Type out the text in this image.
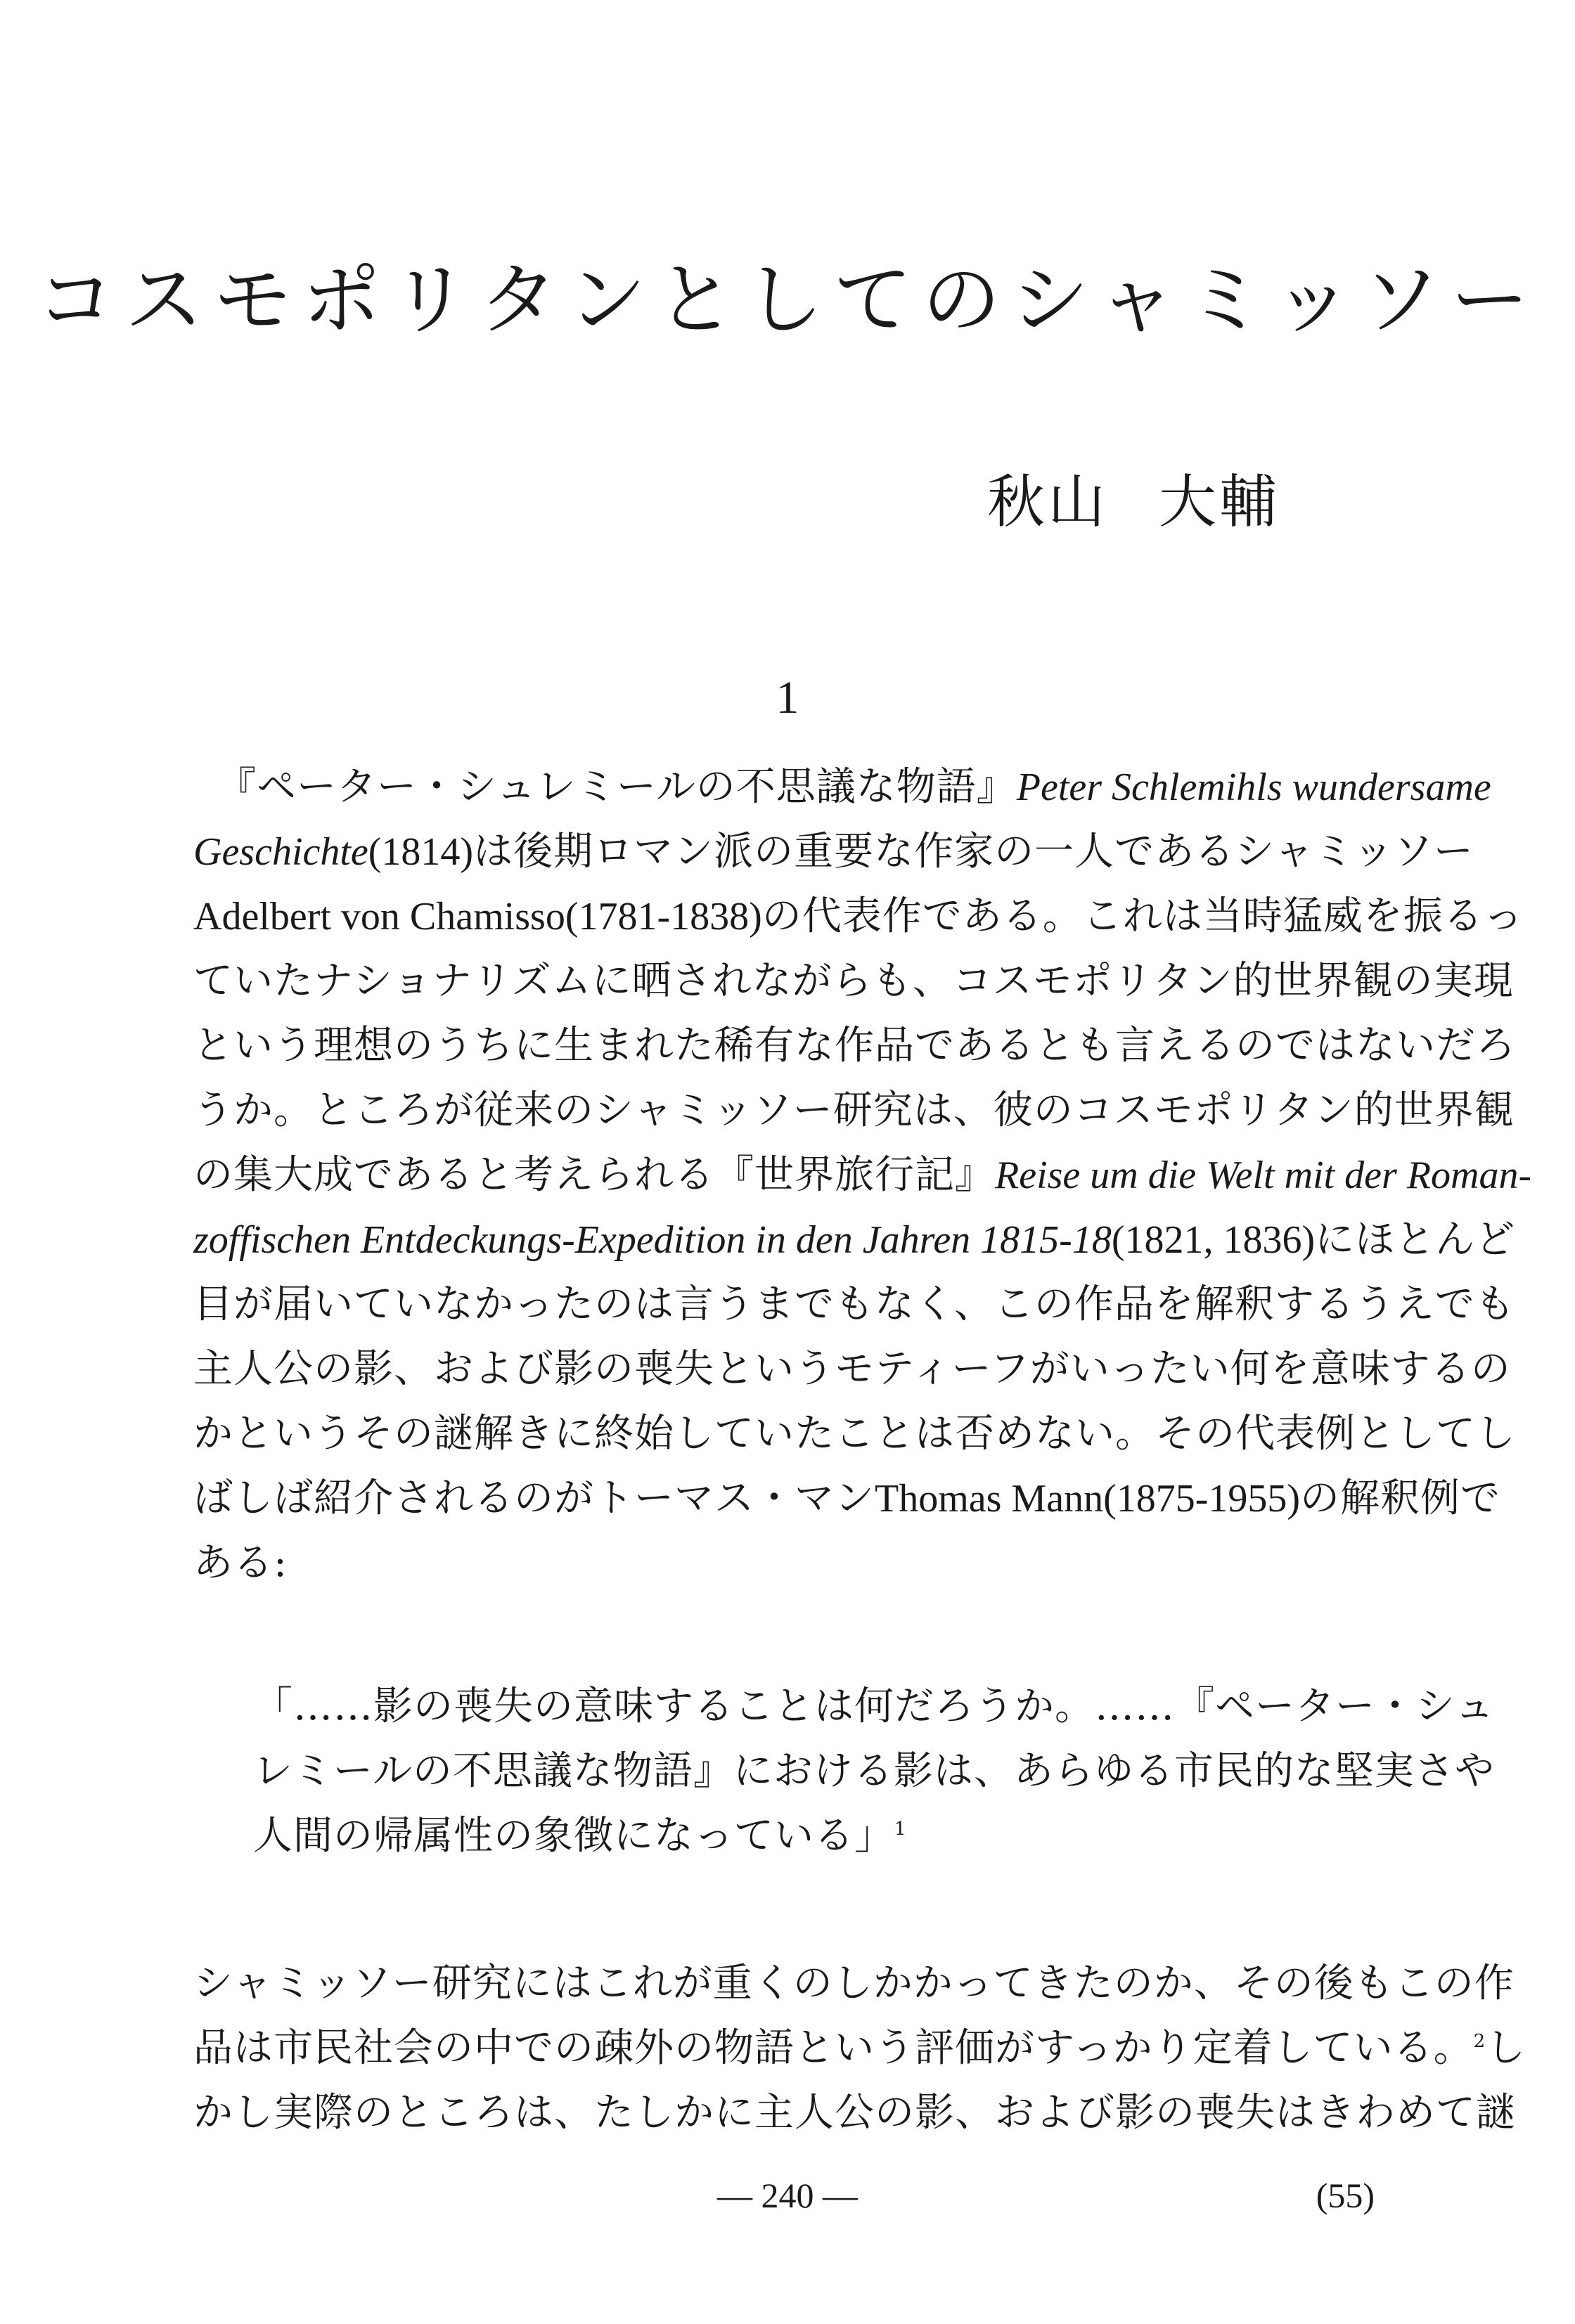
コスモポリタンとしてのシャミッソー
秋山 大輔
1
『ペーター・シュレミールの不思議な物語』Peter Schlemihls wundersame
Geschichte(1814)は後期ロマン派の重要な作家の一人であるシャミッソー
Adelbert von Chamisso(1781-1838)の代表作である。これは当時猛威を振るっ
ていたナショナリズムに晒されながらも、コスモポリタン的世界観の実現
という理想のうちに生まれた稀有な作品であるとも言えるのではないだろ
うか。ところが従来のシャミッソー研究は、彼のコスモポリタン的世界観
の集大成であると考えられる『世界旅行記』Reise um die Welt mit der Roman-
zoffischen Entdeckungs-Expedition in den Jahren 1815-18(1821, 1836)にほとんど
目が届いていなかったのは言うまでもなく、この作品を解釈するうえでも
主人公の影、および影の喪失というモティーフがいったい何を意味するの
かというその謎解きに終始していたことは否めない。その代表例としてし
ばしば紹介されるのがトーマス・マンThomas Mann(1875-1955)の解釈例で
ある:
「……影の喪失の意味することは何だろうか。……『ペーター・シュ
レミールの不思議な物語』における影は、あらゆる市民的な堅実さや
人間の帰属性の象徴になっている」$^1$
シャミッソー研究にはこれが重くのしかかってきたのか、その後もこの作
品は市民社会の中での疎外の物語という評価がすっかり定着している。$^2$し
かし実際のところは、たしかに主人公の影、および影の喪失はきわめて謎
— 240 —	(55)
